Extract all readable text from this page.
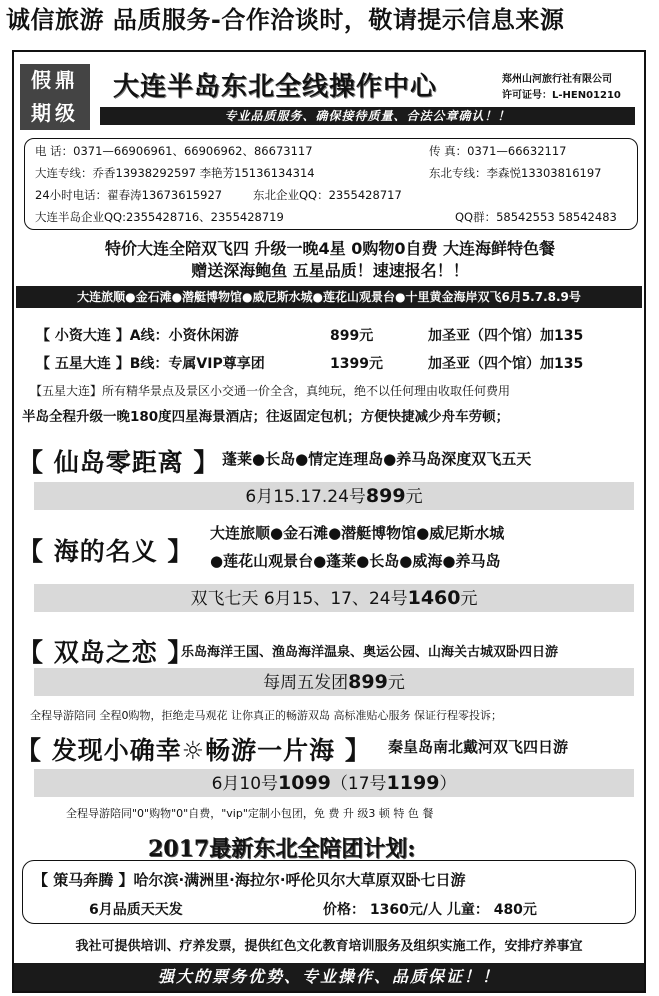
诚信旅游 品质服务-合作洽谈时，敬请提示信息来源
假鼎
期级
大连半岛东北全线操作中心	郑州山河旅行社有限公司
许可证号：L-HEN01210
专业品质服务、确保接待质量、合法公章确认！！
电 话：0371—66906961、66906962、86673117	传 真：0371—66632117
大连专线：乔香13938292597 李艳芳15136134314	东北专线：李森悦13303816197
24小时电话：翟春涛13673615927	东北企业QQ：2355428717
大连半岛企业QQ:2355428716、2355428719	QQ群：58542553 58542483
特价大连全陪双飞四 升级一晚4星 0购物0自费 大连海鲜特色餐
赠送深海鲍鱼 五星品质！速速报名！！
大连旅顺●金石滩●潜艇博物馆●威尼斯水城●莲花山观景台●十里黄金海岸双飞6月5.7.8.9号
【 小资大连 】A线：小资休闲游	899元	加圣亚（四个馆）加135
【 五星大连 】B线：专属VIP尊享团	1399元	加圣亚（四个馆）加135
【五星大连】所有精华景点及景区小交通一价全含，真纯玩，绝不以任何理由收取任何费用
半岛全程升级一晚180度四星海景酒店；往返固定包机；方便快捷减少舟车劳顿；
【 仙岛零距离 】 蓬莱●长岛●情定连理岛●养马岛深度双飞五天
6月15.17.24号899元
【 海的名义 】
大连旅顺●金石滩●潜艇博物馆●威尼斯水城
●莲花山观景台●蓬莱●长岛●威海●养马岛
双飞七天 6月15、17、24号1460元
【 双岛之恋 】
乐岛海洋王国、渔岛海洋温泉、奥运公园、山海关古城双卧四日游
每周五发团899元
全程导游陪同 全程0购物，拒绝走马观花 让你真正的畅游双岛 高标准贴心服务 保证行程零投诉；
【 发现小确幸☼畅游一片海 】 秦皇岛南北戴河双飞四日游
6月10号1099（17号1199）
全程导游陪同"0"购物"0"自费，"vip"定制小包团，免 费 升 级3 顿 特 色 餐
2017最新东北全陪团计划:
【 策马奔腾 】哈尔滨·满洲里·海拉尔·呼伦贝尔大草原双卧七日游
6月品质天天发	价格： 1360元/人 儿童： 480元
我社可提供培训、疗养发票，提供红色文化教育培训服务及组织实施工作，安排疗养事宜
强大的票务优势、专业操作、品质保证！！
